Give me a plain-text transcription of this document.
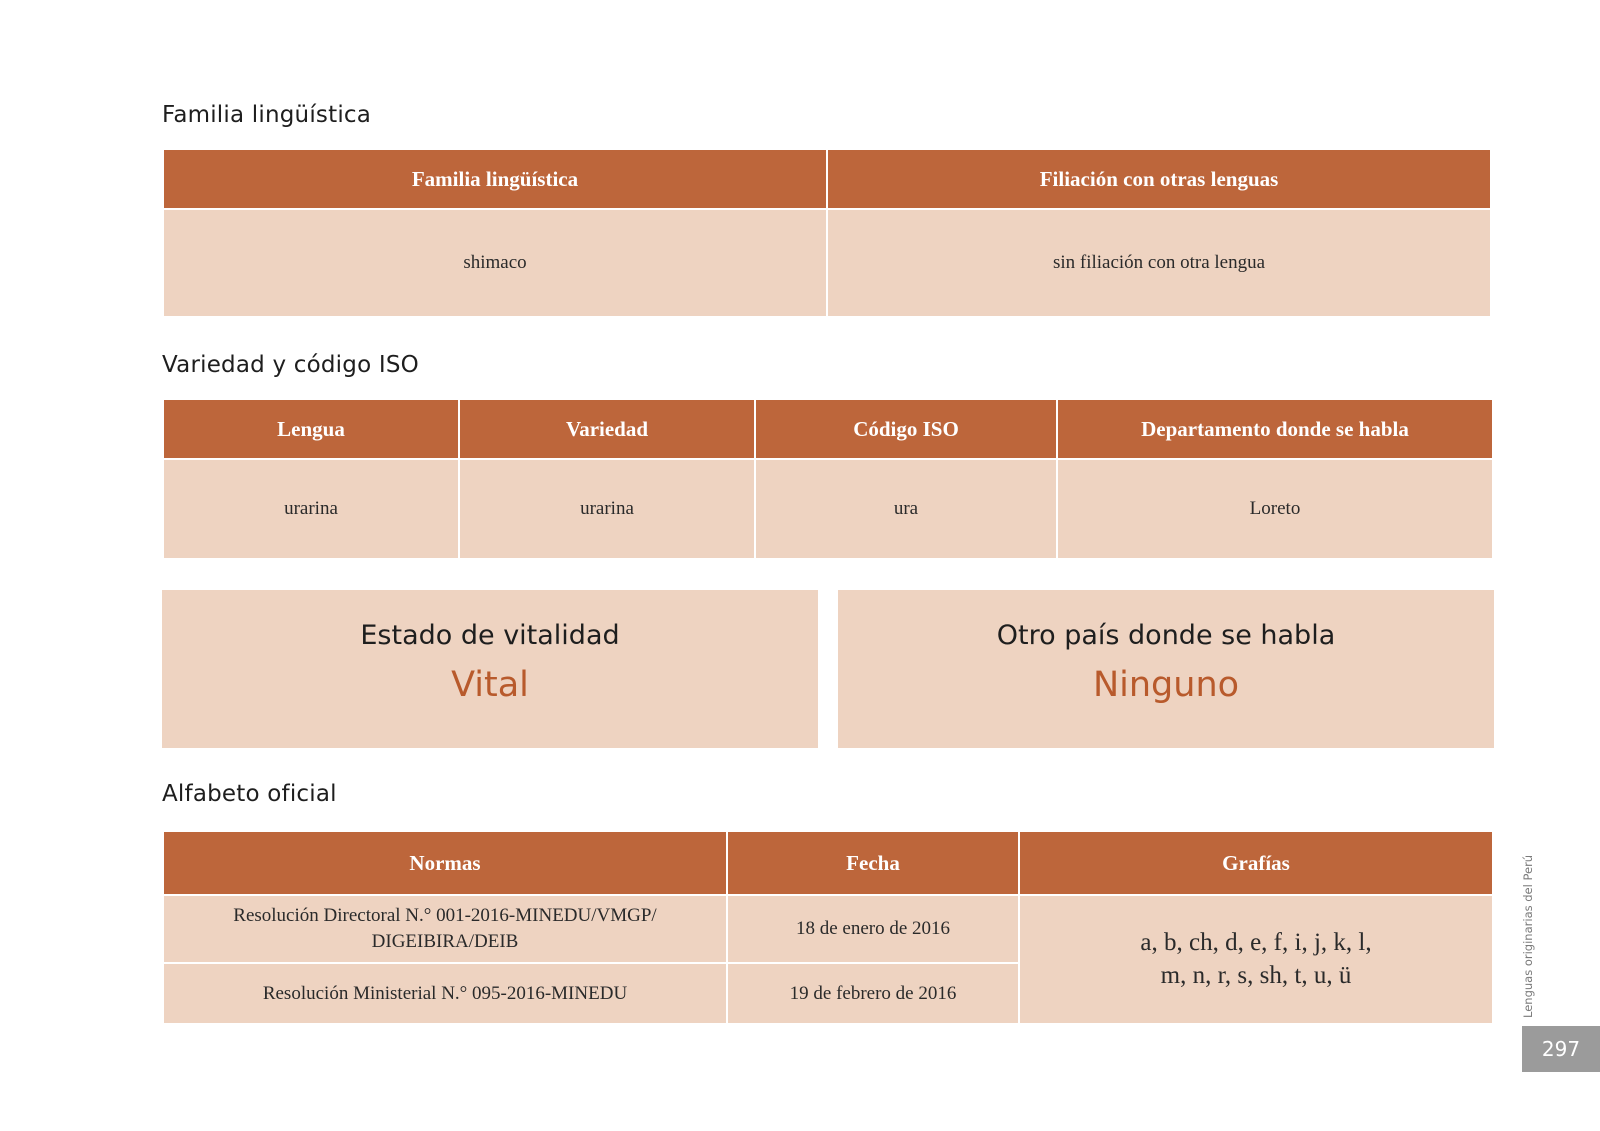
Familia lingüística
Familia lingüística	Filiación con otras lenguas
shimaco	sin filiación con otra lengua
Variedad y código ISO
Lengua	Variedad	Código ISO	Departamento donde se habla
urarina	urarina	ura	Loreto
Estado de vitalidad
Vital
Otro país donde se habla
Ninguno
Alfabeto oficial
Normas	Fecha	Grafías
Resolución Directoral N.° 001-2016-MINEDU/VMGP/ DIGEIBIRA/DEIB	18 de enero de 2016	a, b, ch, d, e, f, i, j, k, l,
m, n, r, s, sh, t, u, ü

Resolución Ministerial N.° 095-2016-MINEDU	19 de febrero de 2016		Lenguas originarias del Perú
297
